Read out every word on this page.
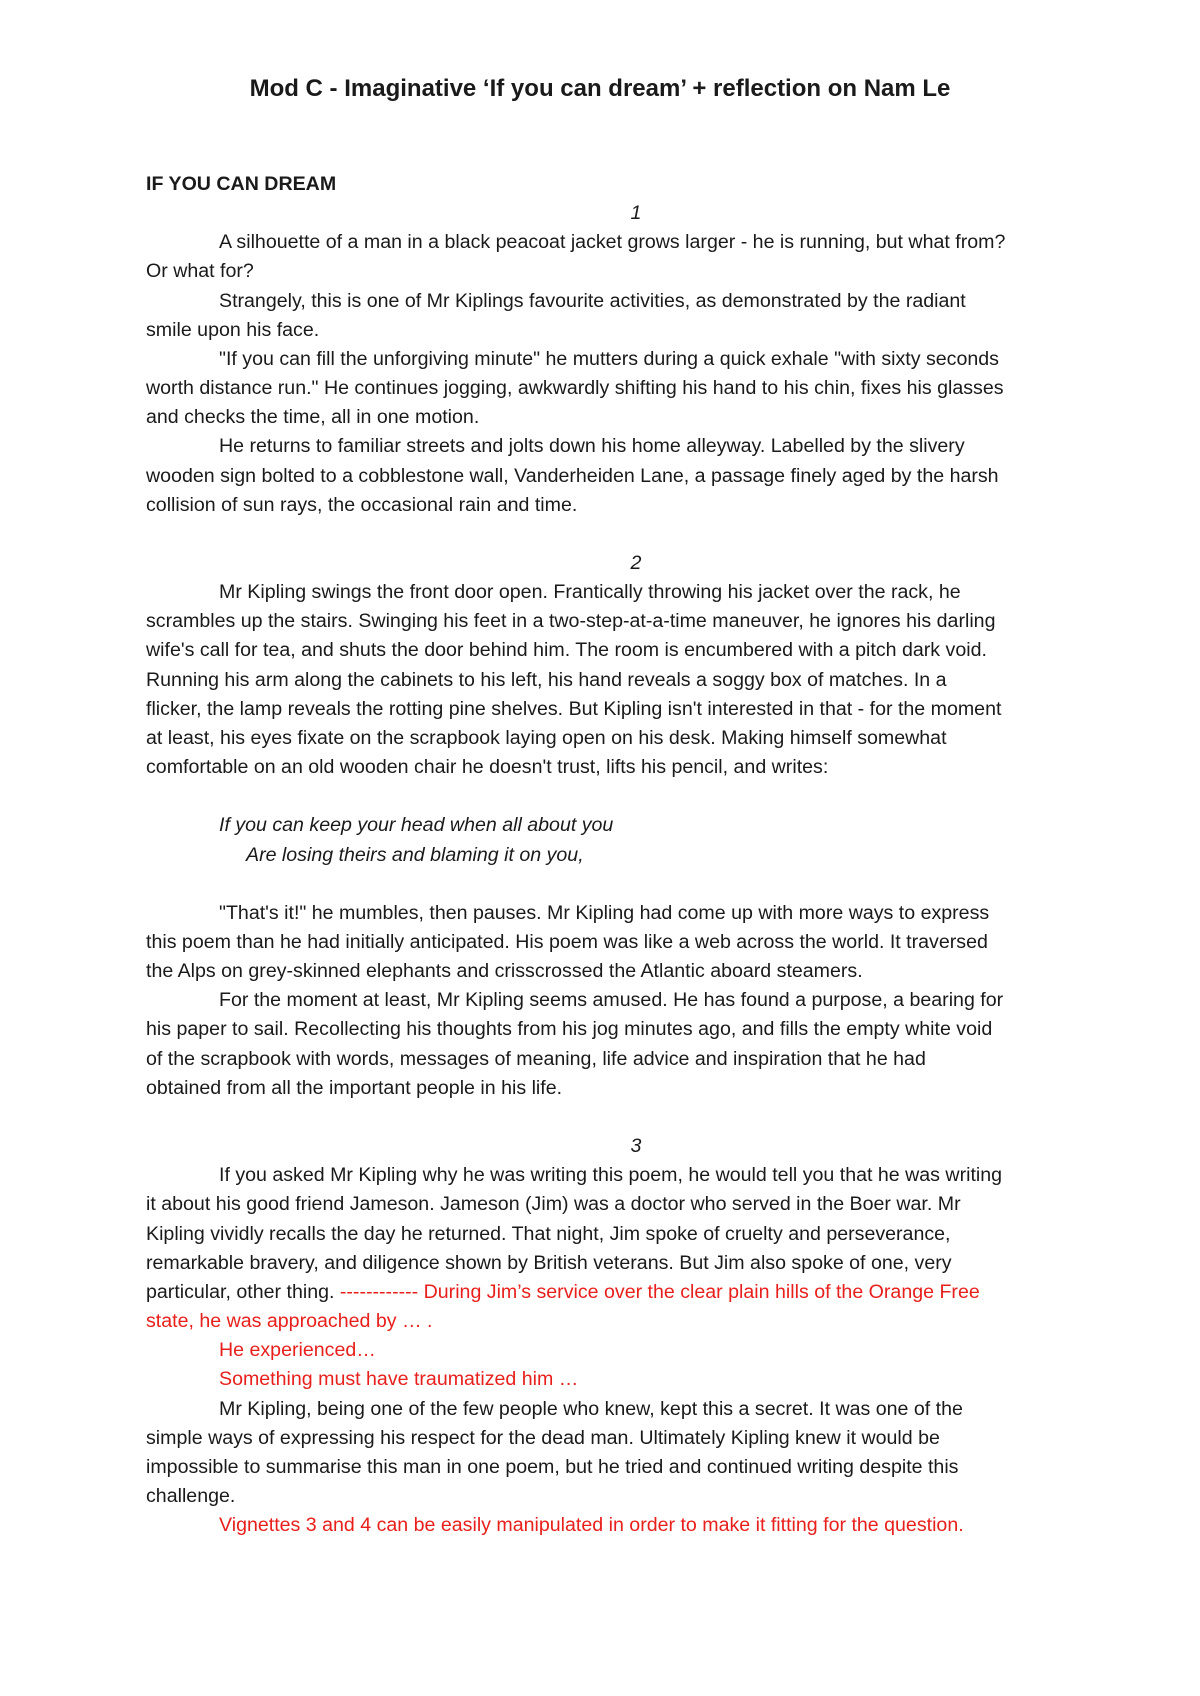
Mod C - Imaginative ‘If you can dream’ + reflection on Nam Le
IF YOU CAN DREAM
1
A silhouette of a man in a black peacoat jacket grows larger - he is running, but what from?
Or what for?
Strangely, this is one of Mr Kiplings favourite activities, as demonstrated by the radiant
smile upon his face.
"If you can fill the unforgiving minute" he mutters during a quick exhale "with sixty seconds
worth distance run." He continues jogging, awkwardly shifting his hand to his chin, fixes his glasses
and checks the time, all in one motion.
He returns to familiar streets and jolts down his home alleyway. Labelled by the slivery
wooden sign bolted to a cobblestone wall, Vanderheiden Lane, a passage finely aged by the harsh
collision of sun rays, the occasional rain and time.
2
Mr Kipling swings the front door open. Frantically throwing his jacket over the rack, he
scrambles up the stairs. Swinging his feet in a two-step-at-a-time maneuver, he ignores his darling
wife's call for tea, and shuts the door behind him. The room is encumbered with a pitch dark void.
Running his arm along the cabinets to his left, his hand reveals a soggy box of matches. In a
flicker, the lamp reveals the rotting pine shelves. But Kipling isn't interested in that - for the moment
at least, his eyes fixate on the scrapbook laying open on his desk. Making himself somewhat
comfortable on an old wooden chair he doesn't trust, lifts his pencil, and writes:
If you can keep your head when all about you
Are losing theirs and blaming it on you,
"That's it!" he mumbles, then pauses. Mr Kipling had come up with more ways to express
this poem than he had initially anticipated. His poem was like a web across the world. It traversed
the Alps on grey-skinned elephants and crisscrossed the Atlantic aboard steamers.
For the moment at least, Mr Kipling seems amused. He has found a purpose, a bearing for
his paper to sail. Recollecting his thoughts from his jog minutes ago, and fills the empty white void
of the scrapbook with words, messages of meaning, life advice and inspiration that he had
obtained from all the important people in his life.
3
If you asked Mr Kipling why he was writing this poem, he would tell you that he was writing
it about his good friend Jameson. Jameson (Jim) was a doctor who served in the Boer war. Mr
Kipling vividly recalls the day he returned. That night, Jim spoke of cruelty and perseverance,
remarkable bravery, and diligence shown by British veterans. But Jim also spoke of one, very
particular, other thing. ------------ During Jim’s service over the clear plain hills of the Orange Free
state, he was approached by … .
He experienced…
Something must have traumatized him …
Mr Kipling, being one of the few people who knew, kept this a secret. It was one of the
simple ways of expressing his respect for the dead man. Ultimately Kipling knew it would be
impossible to summarise this man in one poem, but he tried and continued writing despite this
challenge.
Vignettes 3 and 4 can be easily manipulated in order to make it fitting for the question.
